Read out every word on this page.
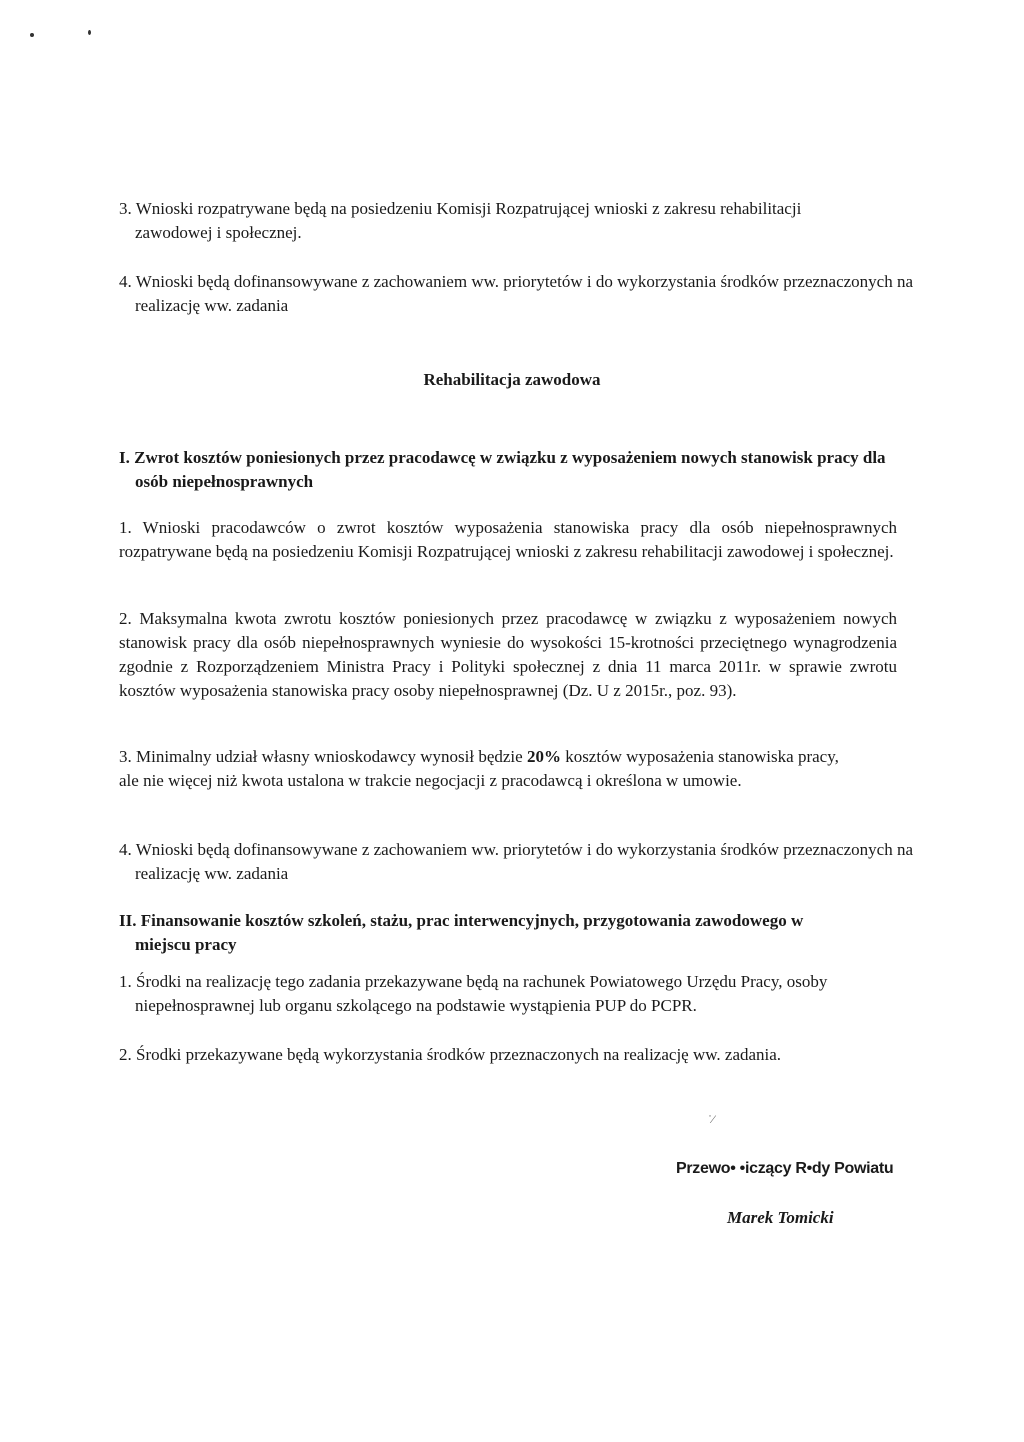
3. Wnioski rozpatrywane będą na posiedzeniu Komisji Rozpatrującej wnioski z zakresu rehabilitacji zawodowej i społecznej.

4. Wnioski będą dofinansowywane z zachowaniem ww. priorytetów i do wykorzystania środków przeznaczonych na realizację ww. zadania

Rehabilitacja zawodowa

I. Zwrot kosztów poniesionych przez pracodawcę w związku z wyposażeniem nowych stanowisk pracy dla osób niepełnosprawnych

1. Wnioski pracodawców o zwrot kosztów wyposażenia stanowiska pracy dla osób niepełnosprawnych rozpatrywane będą na posiedzeniu Komisji Rozpatrującej wnioski z zakresu rehabilitacji zawodowej i społecznej.

2. Maksymalna kwota zwrotu kosztów poniesionych przez pracodawcę w związku z wyposażeniem nowych stanowisk pracy dla osób niepełnosprawnych wyniesie do wysokości 15-krotności przeciętnego wynagrodzenia zgodnie z Rozporządzeniem Ministra Pracy i Polityki społecznej z dnia 11 marca 2011r. w sprawie zwrotu kosztów wyposażenia stanowiska pracy osoby niepełnosprawnej (Dz. U z 2015r., poz. 93).

3. Minimalny udział własny wnioskodawcy wynosił będzie 20% kosztów wyposażenia stanowiska pracy, ale nie więcej niż kwota ustalona w trakcie negocjacji z pracodawcą i określona w umowie.

4. Wnioski będą dofinansowywane z zachowaniem ww. priorytetów i do wykorzystania środków przeznaczonych na realizację ww. zadania

II. Finansowanie kosztów szkoleń, stażu, prac interwencyjnych, przygotowania zawodowego w miejscu pracy

1. Środki na realizację tego zadania przekazywane będą na rachunek Powiatowego Urzędu Pracy, osoby niepełnosprawnej lub organu szkolącego na podstawie wystąpienia PUP do PCPR.

2. Środki przekazywane będą wykorzystania środków przeznaczonych na realizację ww. zadania.

˙⁄
Przewo• •iczący R•dy Powiatu
Marek Tomicki
